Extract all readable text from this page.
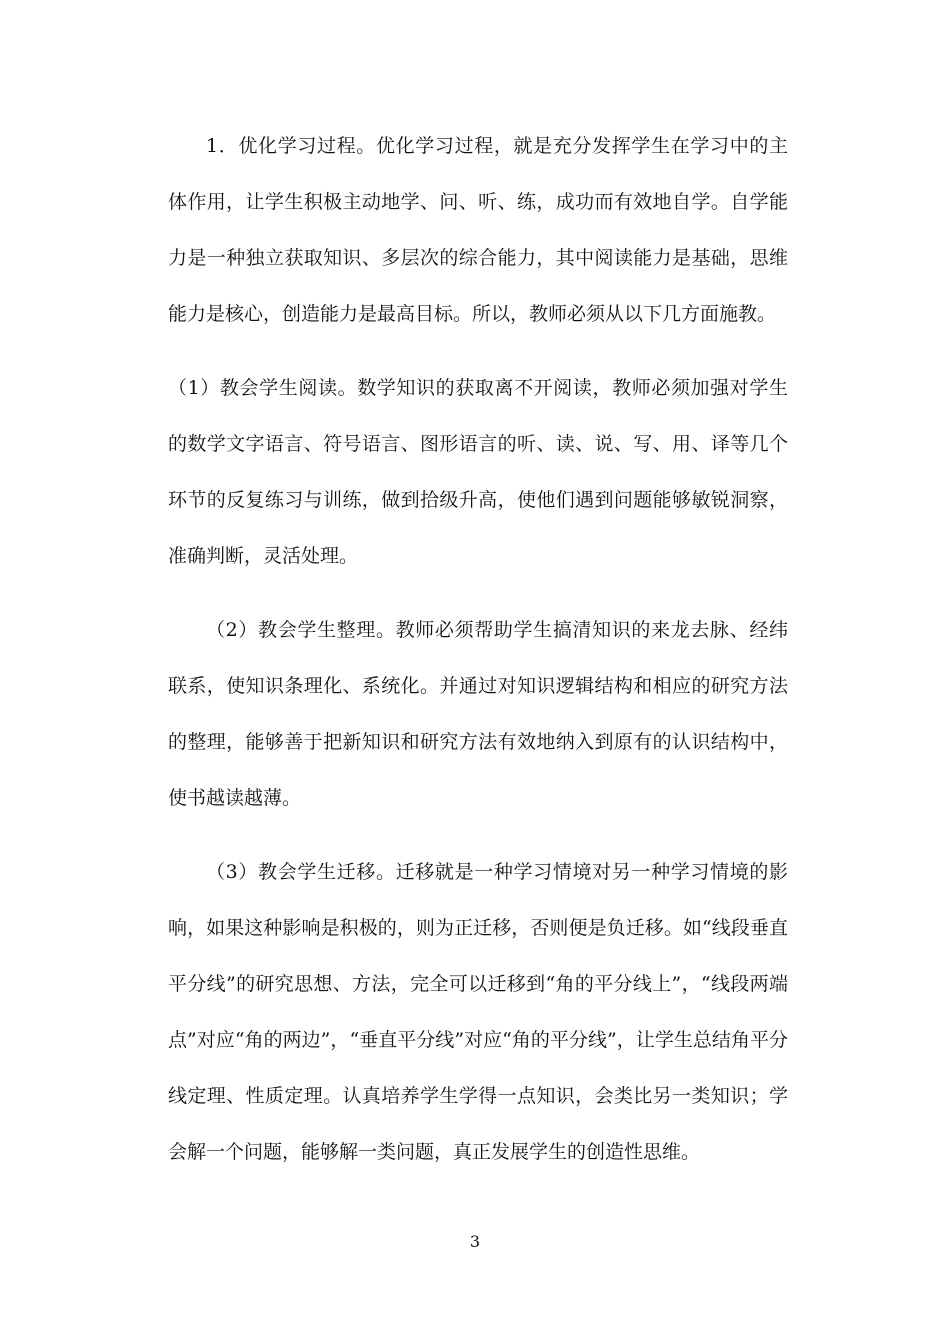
1．优化学习过程。优化学习过程，就是充分发挥学生在学习中的主体作用，让学生积极主动地学、问、听、练，成功而有效地自学。自学能力是一种独立获取知识、多层次的综合能力，其中阅读能力是基础，思维能力是核心，创造能力是最高目标。所以，教师必须从以下几方面施教。

（1）教会学生阅读。数学知识的获取离不开阅读，教师必须加强对学生的数学文字语言、符号语言、图形语言的听、读、说、写、用、译等几个环节的反复练习与训练，做到拾级升高，使他们遇到问题能够敏锐洞察，准确判断，灵活处理。

（2）教会学生整理。教师必须帮助学生搞清知识的来龙去脉、经纬联系，使知识条理化、系统化。并通过对知识逻辑结构和相应的研究方法的整理，能够善于把新知识和研究方法有效地纳入到原有的认识结构中，使书越读越薄。

（3）教会学生迁移。迁移就是一种学习情境对另一种学习情境的影响，如果这种影响是积极的，则为正迁移，否则便是负迁移。如“线段垂直平分线”的研究思想、方法，完全可以迁移到“角的平分线上”，“线段两端点”对应“角的两边”，“垂直平分线”对应“角的平分线”，让学生总结角平分线定理、性质定理。认真培养学生学得一点知识，会类比另一类知识；学会解一个问题，能够解一类问题，真正发展学生的创造性思维。

3
